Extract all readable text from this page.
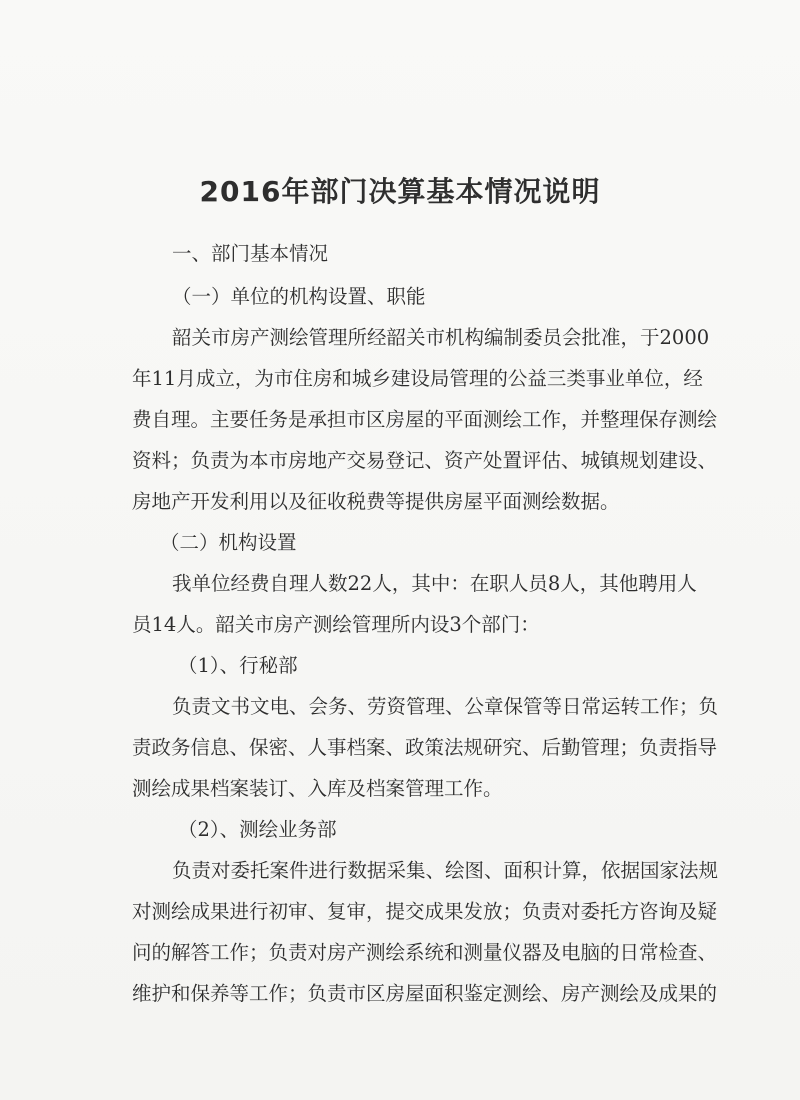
2016年部门决算基本情况说明
一、部门基本情况
（一）单位的机构设置、职能
韶关市房产测绘管理所经韶关市机构编制委员会批准，于2000
年11月成立，为市住房和城乡建设局管理的公益三类事业单位，经
费自理。主要任务是承担市区房屋的平面测绘工作，并整理保存测绘
资料；负责为本市房地产交易登记、资产处置评估、城镇规划建设、
房地产开发利用以及征收税费等提供房屋平面测绘数据。
（二）机构设置
我单位经费自理人数22人，其中：在职人员8人，其他聘用人
员14人。韶关市房产测绘管理所内设3个部门：
（1）、行秘部
负责文书文电、会务、劳资管理、公章保管等日常运转工作；负
责政务信息、保密、人事档案、政策法规研究、后勤管理；负责指导
测绘成果档案装订、入库及档案管理工作。
（2）、测绘业务部
负责对委托案件进行数据采集、绘图、面积计算，依据国家法规
对测绘成果进行初审、复审，提交成果发放；负责对委托方咨询及疑
问的解答工作；负责对房产测绘系统和测量仪器及电脑的日常检查、
维护和保养等工作；负责市区房屋面积鉴定测绘、房产测绘及成果的
